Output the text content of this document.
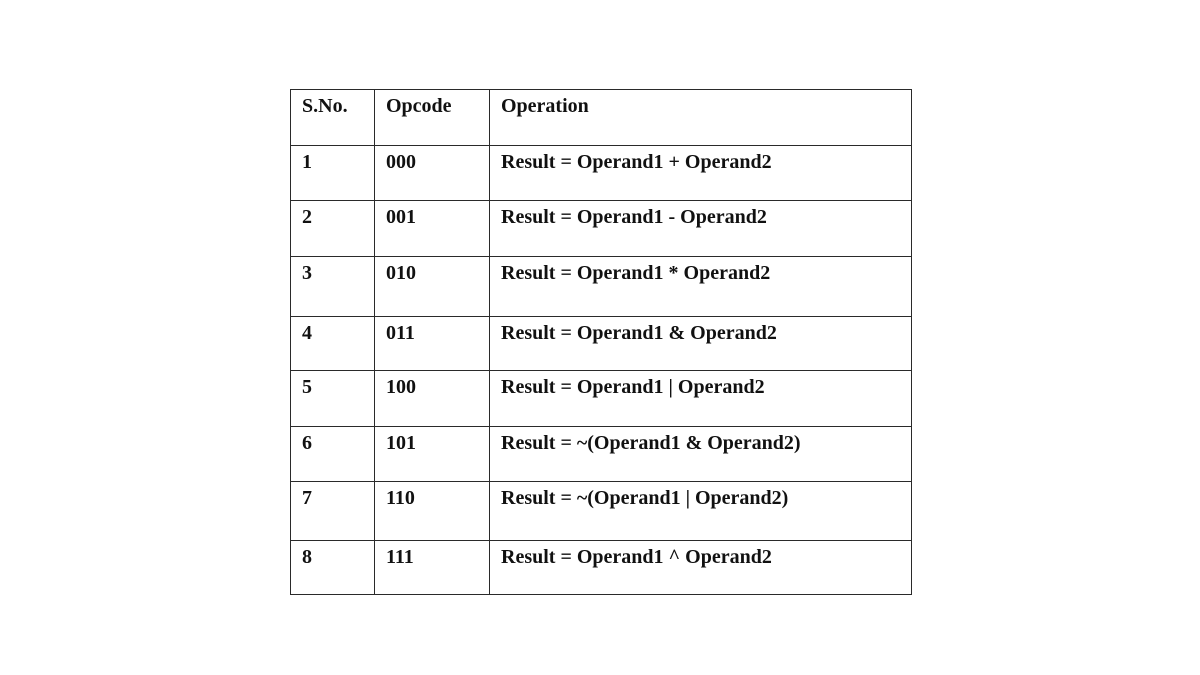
S.No.	Opcode	Operation
1	000	Result = Operand1 + Operand2
2	001	Result = Operand1 - Operand2
3	010	Result = Operand1 * Operand2
4	011	Result = Operand1 & Operand2
5	100	Result = Operand1 | Operand2
6	101	Result = ~(Operand1 & Operand2)
7	110	Result = ~(Operand1 | Operand2)
8	111	Result = Operand1 ^ Operand2
